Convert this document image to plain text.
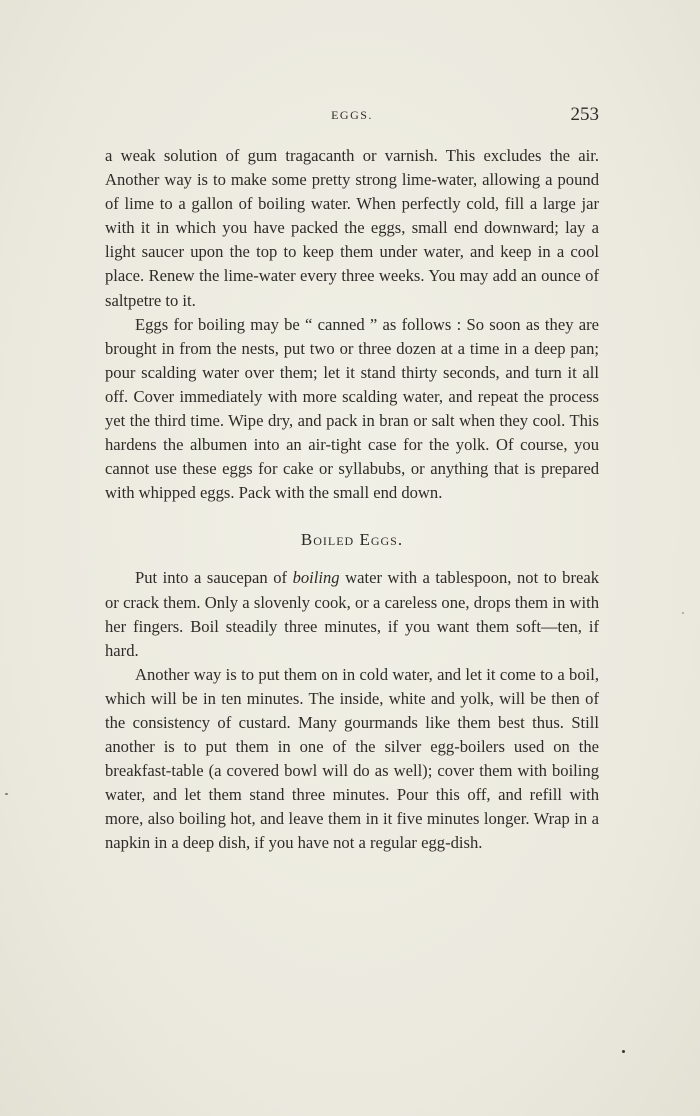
EGGS.	253

a weak solution of gum tragacanth or varnish. This excludes the air. Another way is to make some pretty strong lime-water, allowing a pound of lime to a gallon of boiling water. When perfectly cold, fill a large jar with it in which you have packed the eggs, small end downward; lay a light saucer upon the top to keep them under water, and keep in a cool place. Renew the lime-water every three weeks. You may add an ounce of saltpetre to it.

Eggs for boiling may be “ canned ” as follows : So soon as they are brought in from the nests, put two or three dozen at a time in a deep pan; pour scalding water over them; let it stand thirty seconds, and turn it all off. Cover immediately with more scalding water, and repeat the process yet the third time. Wipe dry, and pack in bran or salt when they cool. This hardens the albumen into an air-tight case for the yolk. Of course, you cannot use these eggs for cake or syllabubs, or anything that is prepared with whipped eggs. Pack with the small end down.

Boiled Eggs.

Put into a saucepan of boiling water with a tablespoon, not to break or crack them. Only a slovenly cook, or a careless one, drops them in with her fingers. Boil steadily three minutes, if you want them soft—ten, if hard.

Another way is to put them on in cold water, and let it come to a boil, which will be in ten minutes. The inside, white and yolk, will be then of the consistency of custard. Many gourmands like them best thus. Still another is to put them in one of the silver egg-boilers used on the breakfast-table (a covered bowl will do as well); cover them with boiling water, and let them stand three minutes. Pour this off, and refill with more, also boiling hot, and leave them in it five minutes longer. Wrap in a napkin in a deep dish, if you have not a regular egg-dish.
